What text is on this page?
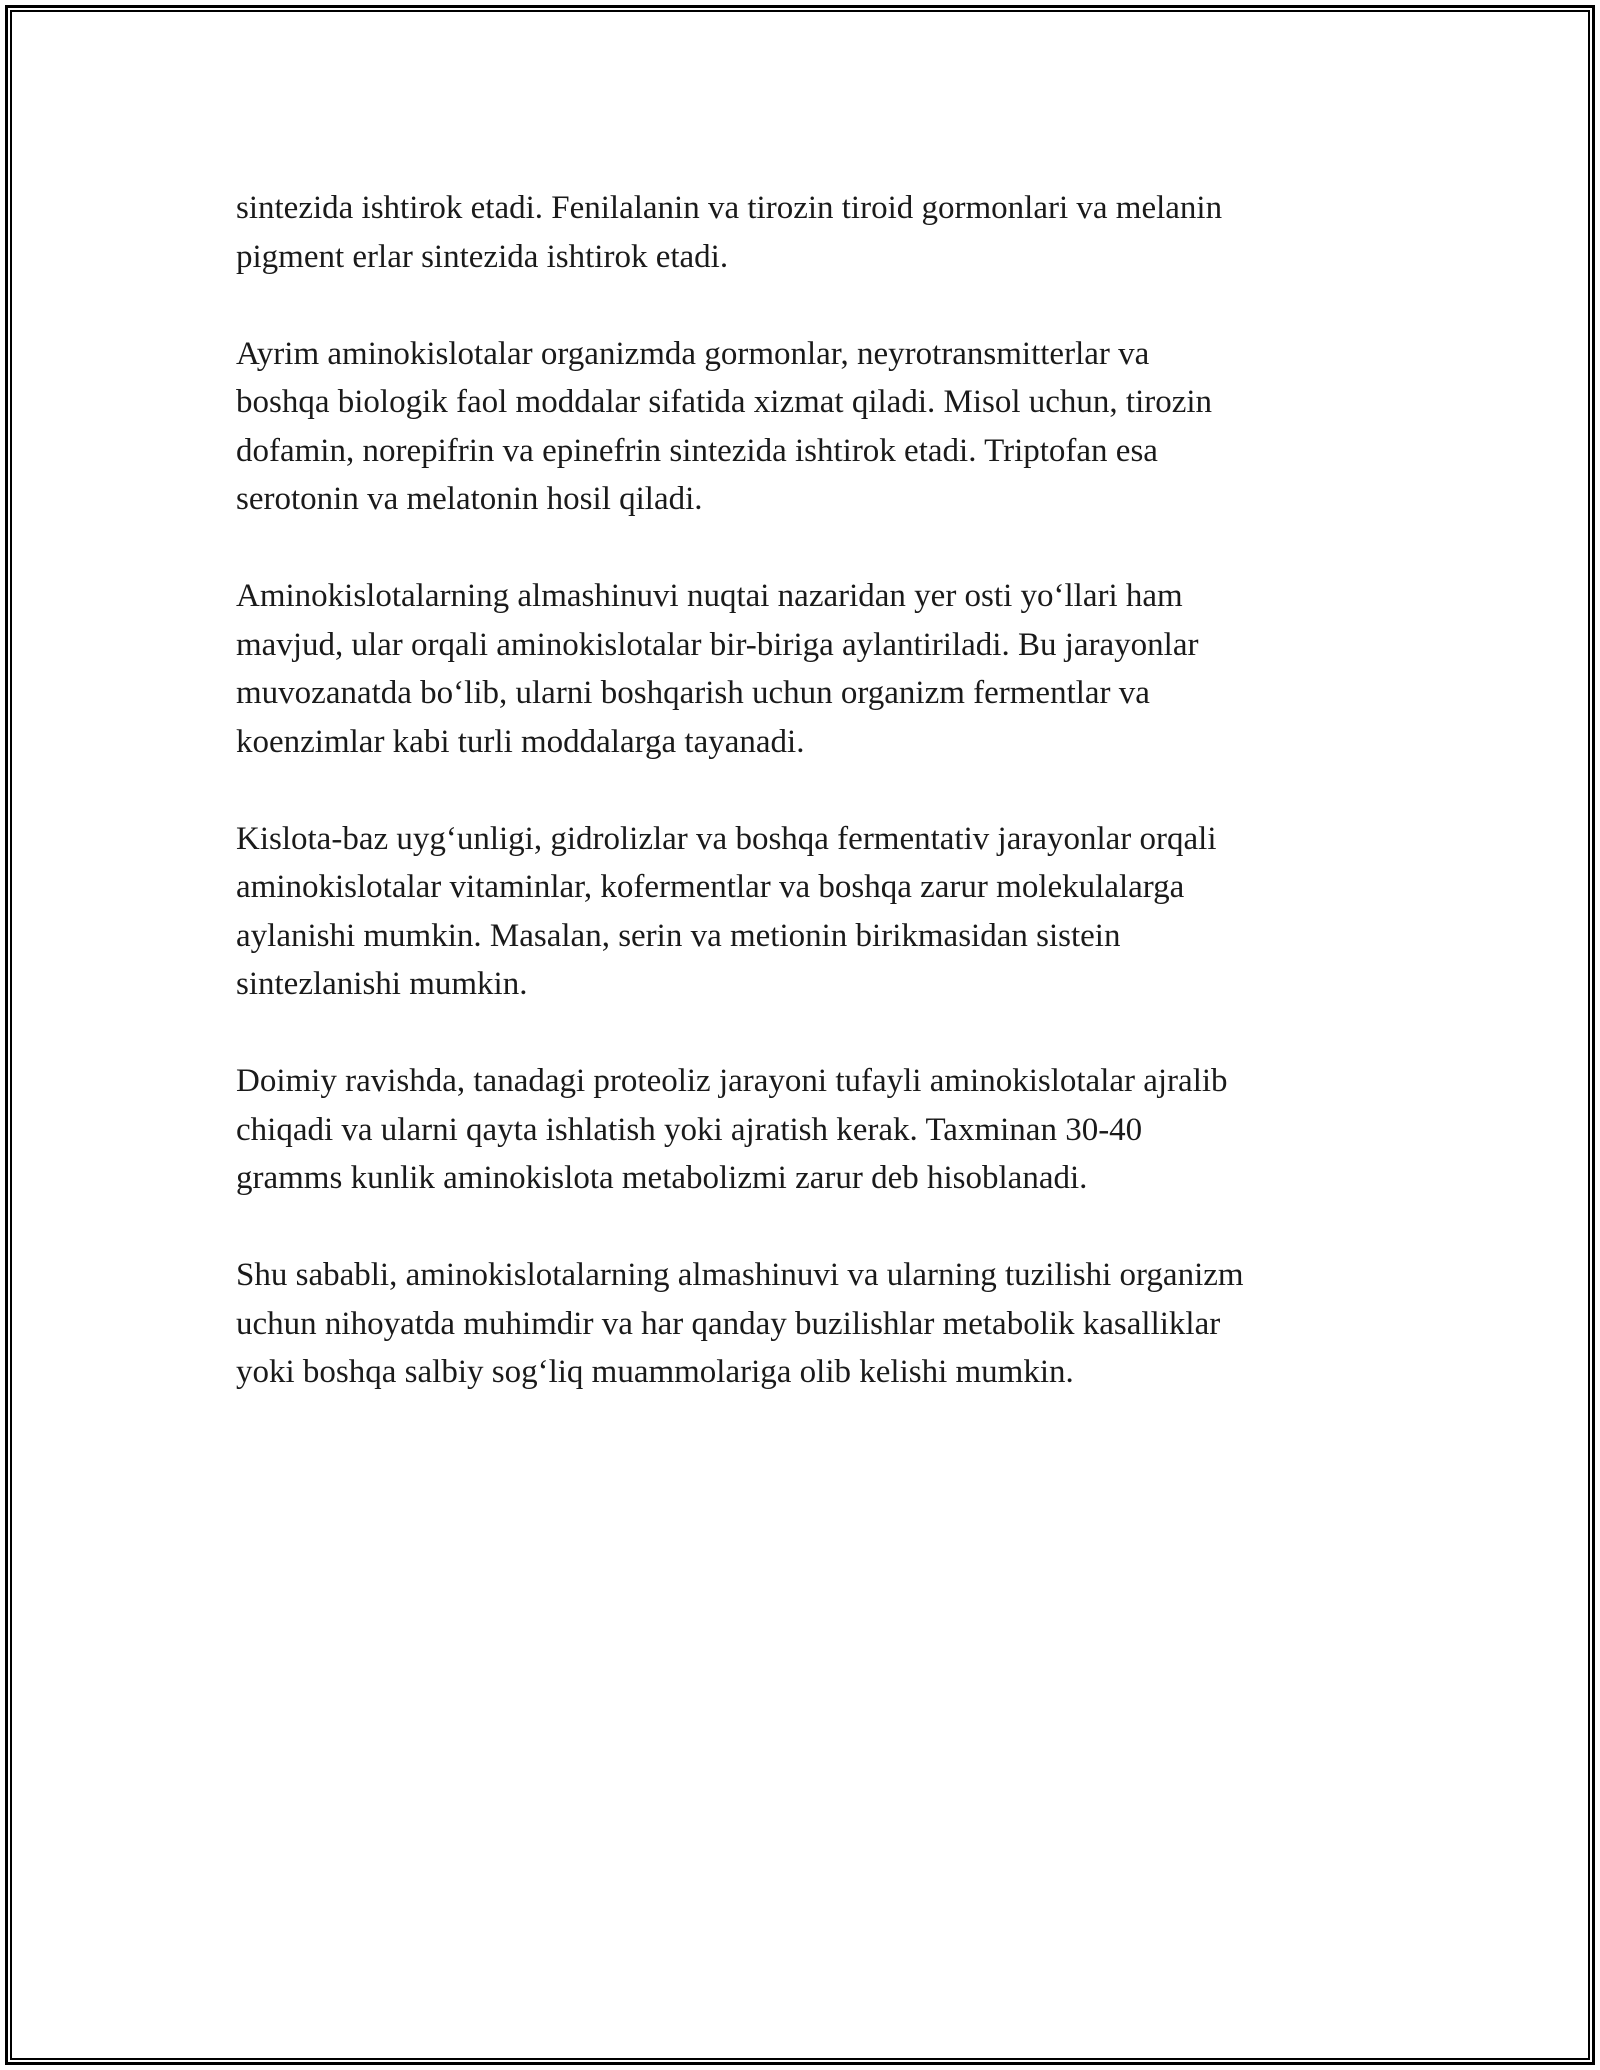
sintezida ishtirok etadi. Fenilalanin va tirozin tiroid gormonlari va melanin
pigment erlar sintezida ishtirok etadi.

Ayrim aminokislotalar organizmda gormonlar, neyrotransmitterlar va
boshqa biologik faol moddalar sifatida xizmat qiladi. Misol uchun, tirozin
dofamin, norepifrin va epinefrin sintezida ishtirok etadi. Triptofan esa
serotonin va melatonin hosil qiladi.

Aminokislotalarning almashinuvi nuqtai nazaridan yer osti yo‘llari ham
mavjud, ular orqali aminokislotalar bir-biriga aylantiriladi. Bu jarayonlar
muvozanatda bo‘lib, ularni boshqarish uchun organizm fermentlar va
koenzimlar kabi turli moddalarga tayanadi.

Kislota-baz uyg‘unligi, gidrolizlar va boshqa fermentativ jarayonlar orqali
aminokislotalar vitaminlar, kofermentlar va boshqa zarur molekulalarga
aylanishi mumkin. Masalan, serin va metionin birikmasidan sistein
sintezlanishi mumkin.

Doimiy ravishda, tanadagi proteoliz jarayoni tufayli aminokislotalar ajralib
chiqadi va ularni qayta ishlatish yoki ajratish kerak. Taxminan 30-40
gramms kunlik aminokislota metabolizmi zarur deb hisoblanadi.

Shu sababli, aminokislotalarning almashinuvi va ularning tuzilishi organizm
uchun nihoyatda muhimdir va har qanday buzilishlar metabolik kasalliklar
yoki boshqa salbiy sog‘liq muammolariga olib kelishi mumkin.
